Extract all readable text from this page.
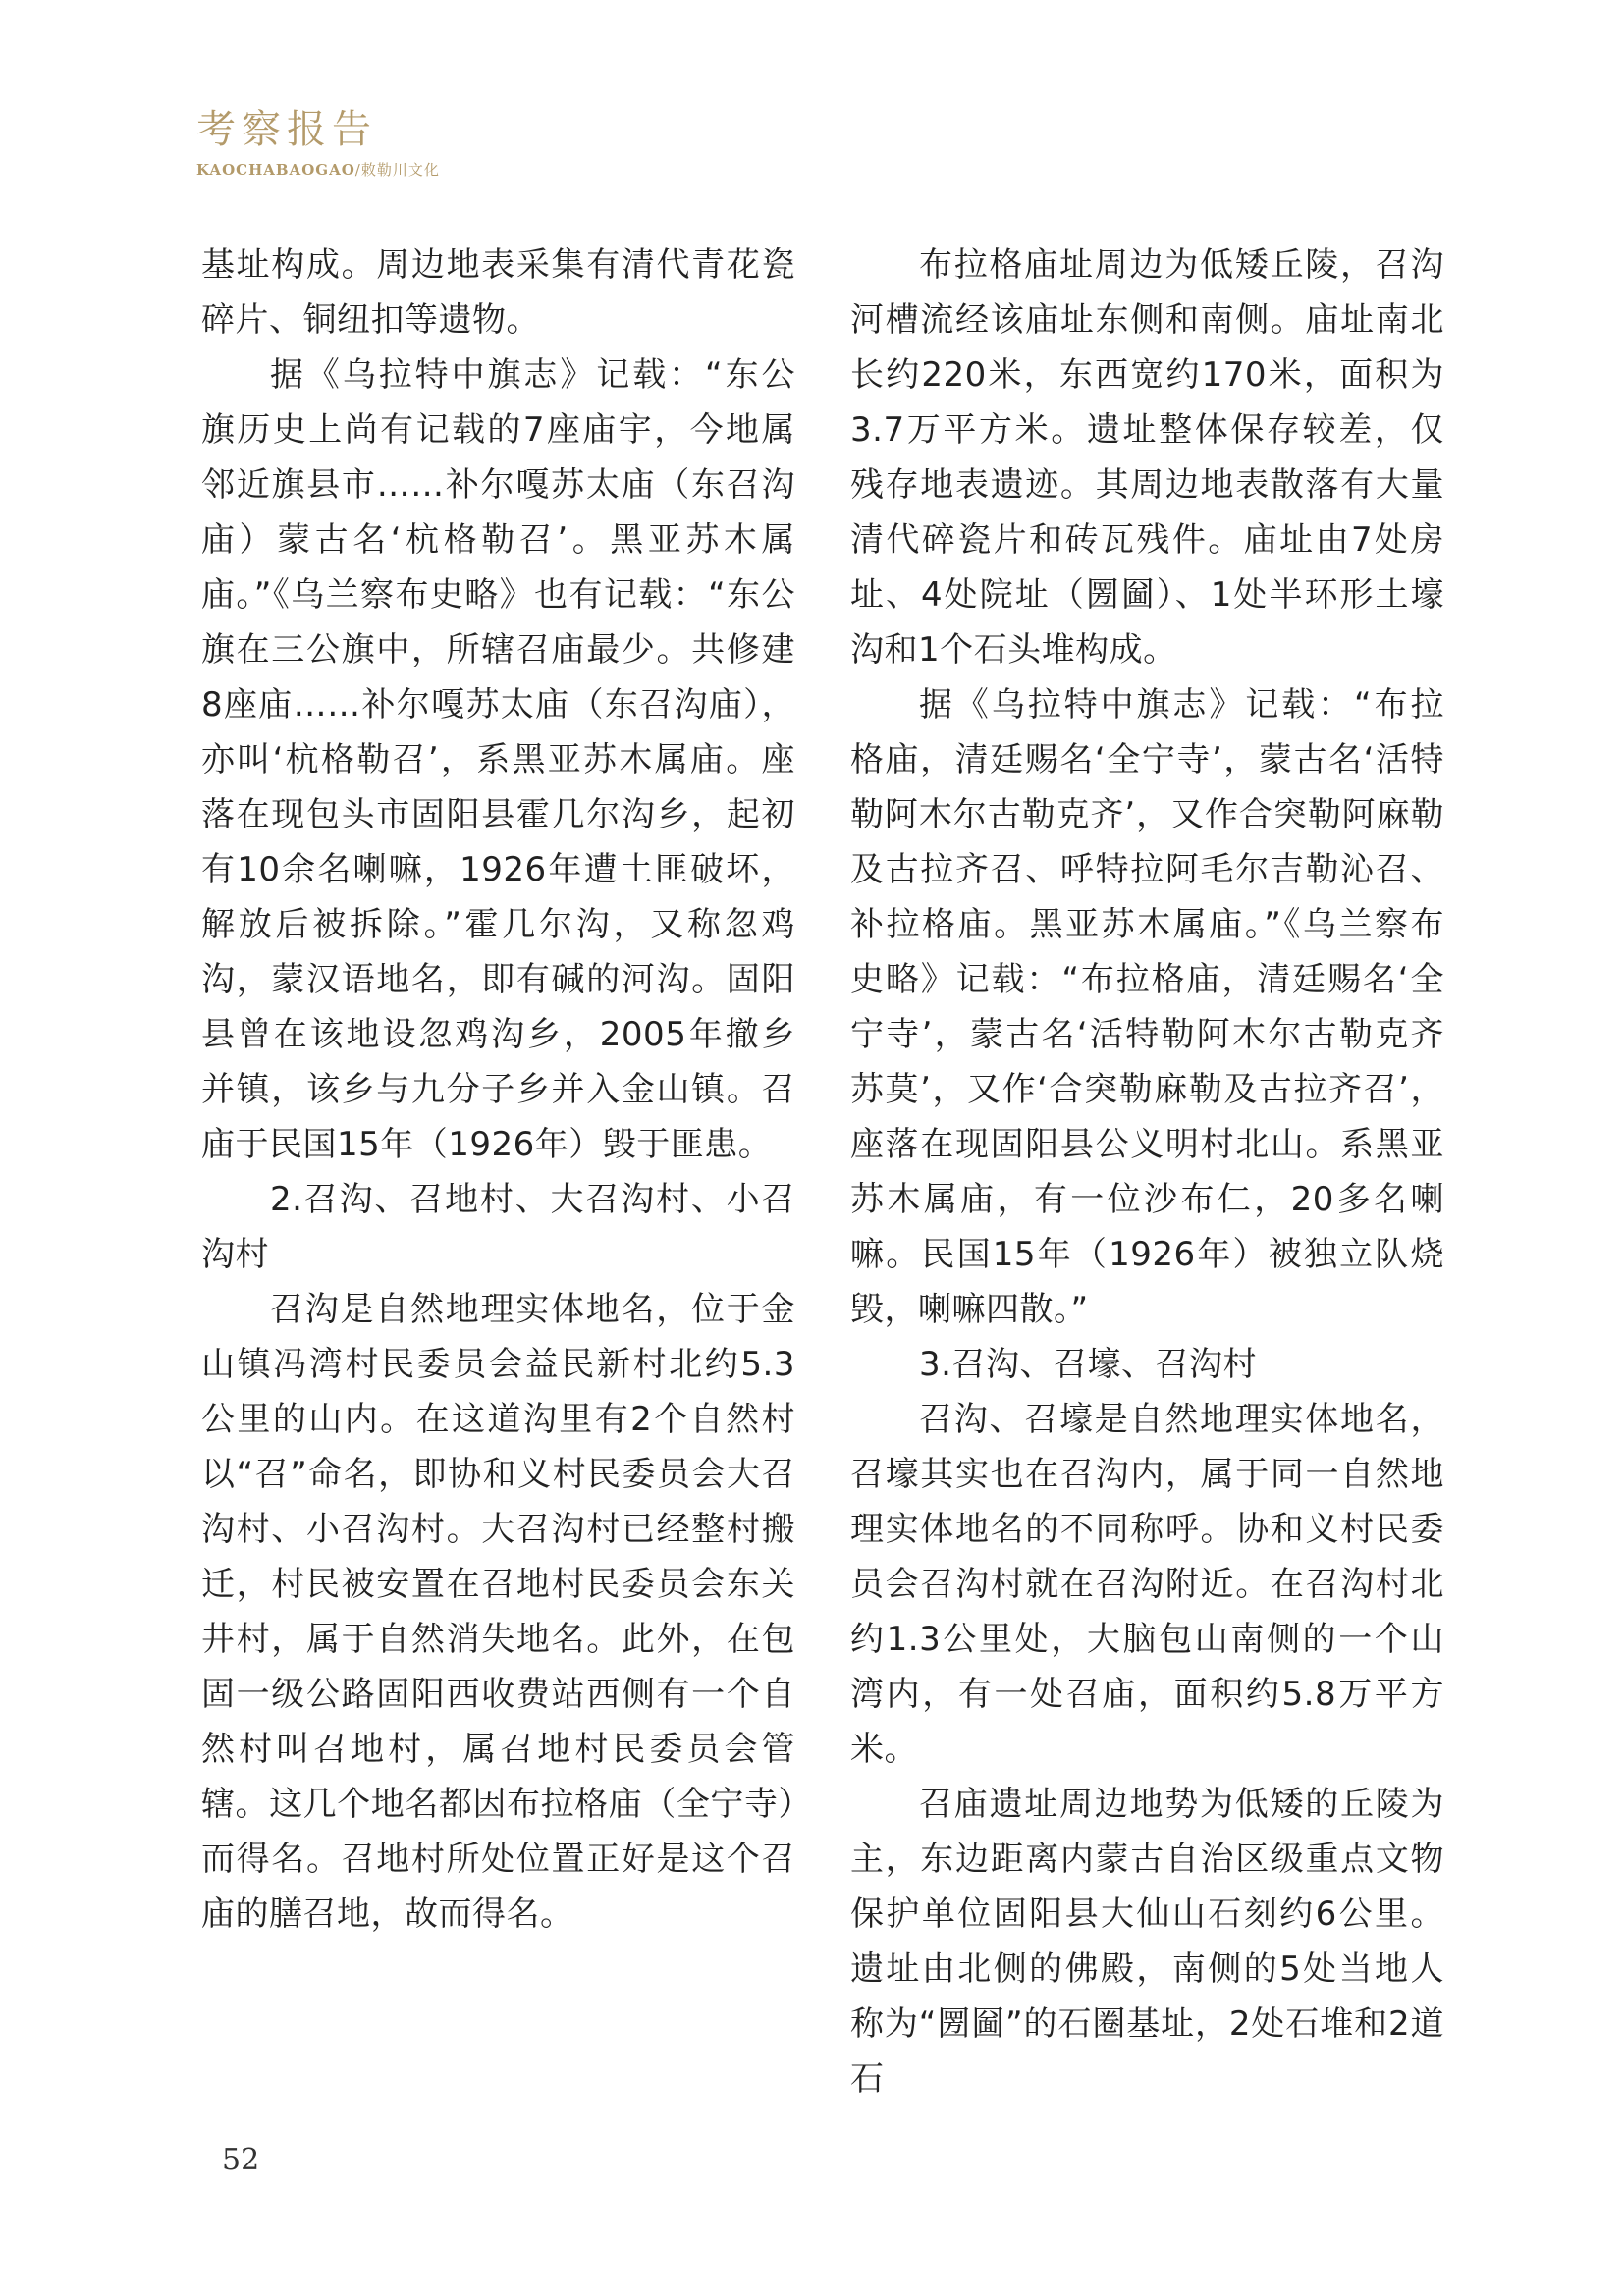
考察报告
KAOCHABAOGAO/敕勒川文化

基址构成。周边地表采集有清代青花瓷碎片、铜纽扣等遗物。

据《乌拉特中旗志》记载：“东公旗历史上尚有记载的7座庙宇，今地属邻近旗县市……补尔嘎苏太庙（东召沟庙）蒙古名‘杭格勒召’。黑亚苏木属庙。”《乌兰察布史略》也有记载：“东公旗在三公旗中，所辖召庙最少。共修建8座庙……补尔嘎苏太庙（东召沟庙），亦叫‘杭格勒召’，系黑亚苏木属庙。座落在现包头市固阳县霍几尔沟乡，起初有10余名喇嘛，1926年遭土匪破坏，解放后被拆除。”霍几尔沟，又称忽鸡沟，蒙汉语地名，即有碱的河沟。固阳县曾在该地设忽鸡沟乡，2005年撤乡并镇，该乡与九分子乡并入金山镇。召庙于民国15年（1926年）毁于匪患。

2.召沟、召地村、大召沟村、小召沟村

召沟是自然地理实体地名，位于金山镇冯湾村民委员会益民新村北约5.3公里的山内。在这道沟里有2个自然村以“召”命名，即协和义村民委员会大召沟村、小召沟村。大召沟村已经整村搬迁，村民被安置在召地村民委员会东关井村，属于自然消失地名。此外，在包固一级公路固阳西收费站西侧有一个自然村叫召地村，属召地村民委员会管辖。这几个地名都因布拉格庙（全宁寺）而得名。召地村所处位置正好是这个召庙的膳召地，故而得名。

布拉格庙址周边为低矮丘陵，召沟河槽流经该庙址东侧和南侧。庙址南北长约220米，东西宽约170米，面积为3.7万平方米。遗址整体保存较差，仅残存地表遗迹。其周边地表散落有大量清代碎瓷片和砖瓦残件。庙址由7处房址、4处院址（圐圙）、1处半环形土壕沟和1个石头堆构成。

据《乌拉特中旗志》记载：“布拉格庙，清廷赐名‘全宁寺’，蒙古名‘活特勒阿木尔古勒克齐’，又作合突勒阿麻勒及古拉齐召、呼特拉阿毛尔吉勒沁召、补拉格庙。黑亚苏木属庙。”《乌兰察布史略》记载：“布拉格庙，清廷赐名‘全宁寺’，蒙古名‘活特勒阿木尔古勒克齐苏莫’，又作‘合突勒麻勒及古拉齐召’，座落在现固阳县公义明村北山。系黑亚苏木属庙，有一位沙布仁，20多名喇嘛。民国15年（1926年）被独立队烧毁，喇嘛四散。”

3.召沟、召壕、召沟村

召沟、召壕是自然地理实体地名，召壕其实也在召沟内，属于同一自然地理实体地名的不同称呼。协和义村民委员会召沟村就在召沟附近。在召沟村北约1.3公里处，大脑包山南侧的一个山湾内，有一处召庙，面积约5.8万平方米。

召庙遗址周边地势为低矮的丘陵为主，东边距离内蒙古自治区级重点文物保护单位固阳县大仙山石刻约6公里。遗址由北侧的佛殿，南侧的5处当地人称为“圐圙”的石圈基址，2处石堆和2道石

52
